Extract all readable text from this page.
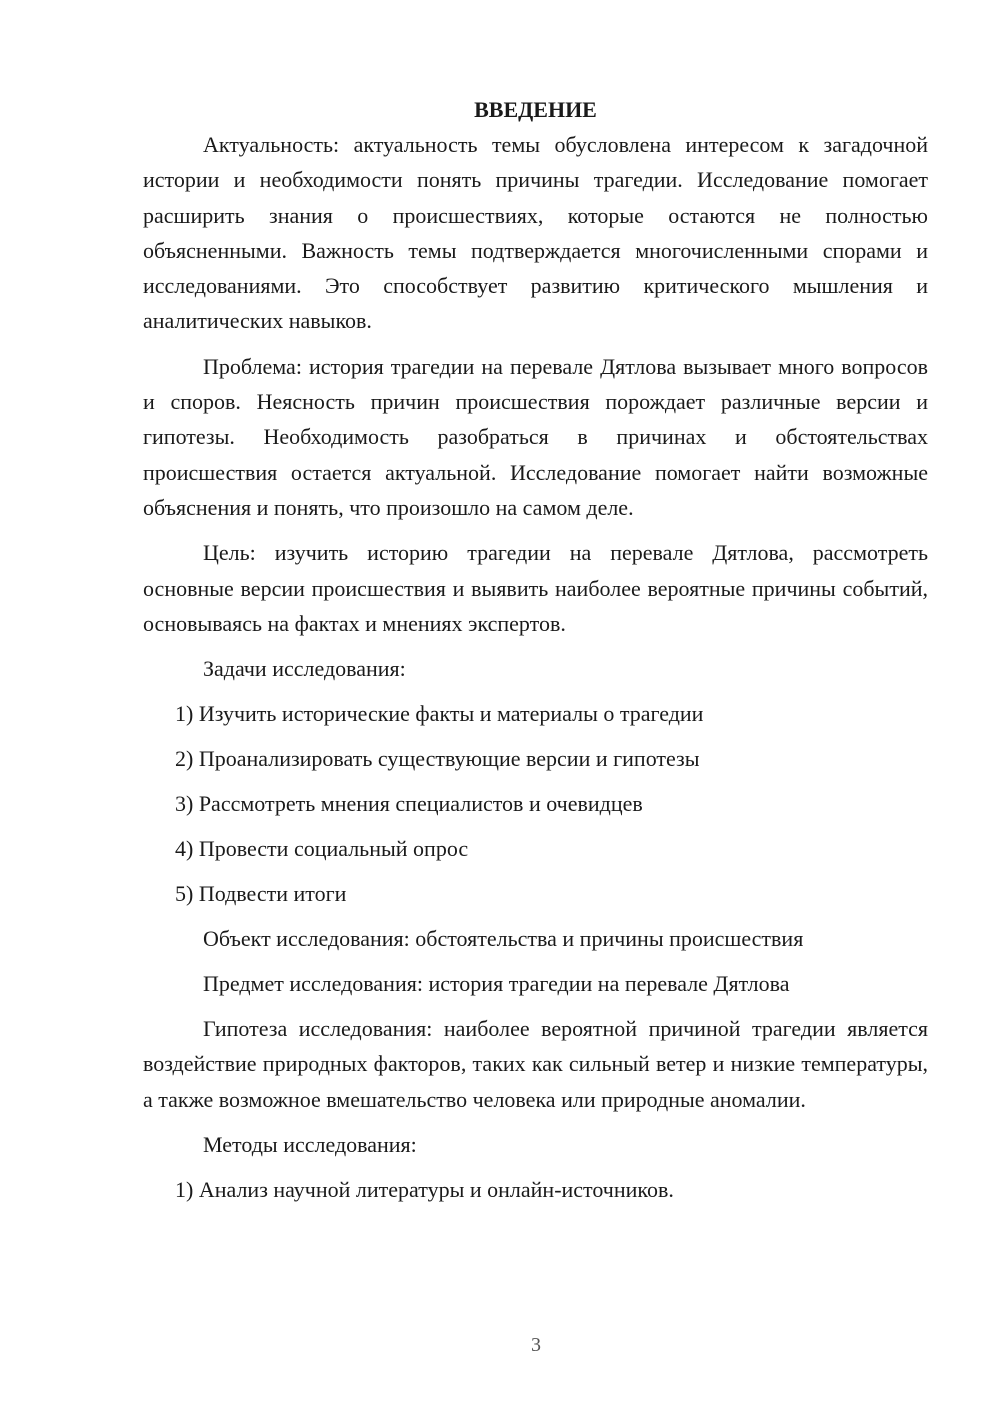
ВВЕДЕНИЕ

Актуальность: актуальность темы обусловлена интересом к загадочной истории и необходимости понять причины трагедии. Исследование помогает расширить знания о происшествиях, которые остаются не полностью объясненными. Важность темы подтверждается многочисленными спорами и исследованиями. Это способствует развитию критического мышления и аналитических навыков.

Проблема: история трагедии на перевале Дятлова вызывает много вопросов и споров. Неясность причин происшествия порождает различные версии и гипотезы. Необходимость разобраться в причинах и обстоятельствах происшествия остается актуальной. Исследование помогает найти возможные объяснения и понять, что произошло на самом деле.

Цель: изучить историю трагедии на перевале Дятлова, рассмотреть основные версии происшествия и выявить наиболее вероятные причины событий, основываясь на фактах и мнениях экспертов.

Задачи исследования:
1) Изучить исторические факты и материалы о трагедии
2) Проанализировать существующие версии и гипотезы
3) Рассмотреть мнения специалистов и очевидцев
4) Провести социальный опрос
5) Подвести итоги
Объект исследования: обстоятельства и причины происшествия
Предмет исследования: история трагедии на перевале Дятлова

Гипотеза исследования: наиболее вероятной причиной трагедии является воздействие природных факторов, таких как сильный ветер и низкие температуры, а также возможное вмешательство человека или природные аномалии.

Методы исследования:
1) Анализ научной литературы и онлайн-источников.
3
